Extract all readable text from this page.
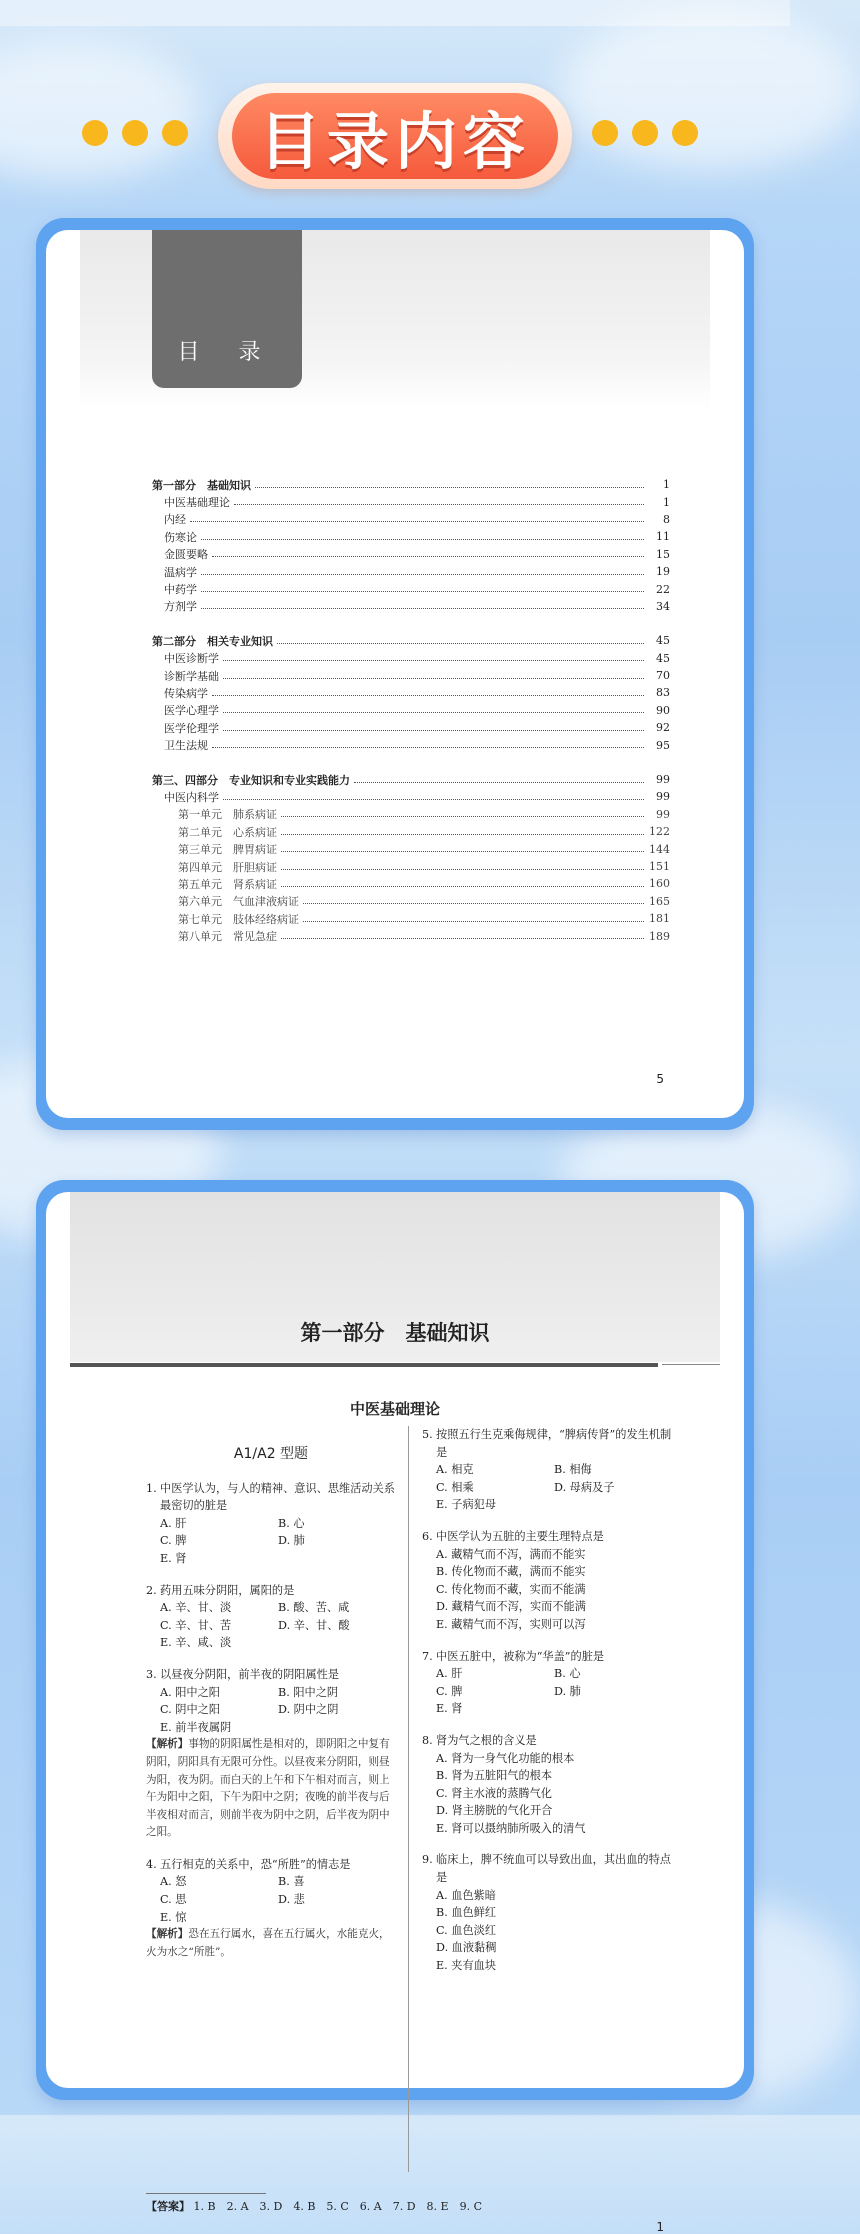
目录内容
目 录
第一部分　基础知识	1
中医基础理论	1
内经	8
伤寒论	11
金匮要略	15
温病学	19
中药学	22
方剂学	34
第二部分　相关专业知识	45
中医诊断学	45
诊断学基础	70
传染病学	83
医学心理学	90
医学伦理学	92
卫生法规	95
第三、四部分　专业知识和专业实践能力	99
中医内科学	99
第一单元　肺系病证	99
第二单元　心系病证	122
第三单元　脾胃病证	144
第四单元　肝胆病证	151
第五单元　肾系病证	160
第六单元　气血津液病证	165
第七单元　肢体经络病证	181
第八单元　常见急症	189
5
第一部分　基础知识
中医基础理论
A1/A2 型题
1. 中医学认为，与人的精神、意识、思维活动关系最密切的脏是
A. 肝	B. 心
C. 脾	D. 肺
E. 肾
2. 药用五味分阴阳，属阳的是
A. 辛、甘、淡	B. 酸、苦、咸
C. 辛、甘、苦	D. 辛、甘、酸
E. 辛、咸、淡
3. 以昼夜分阴阳，前半夜的阴阳属性是
A. 阳中之阳	B. 阳中之阴
C. 阴中之阳	D. 阴中之阴
E. 前半夜属阴
【解析】事物的阴阳属性是相对的，即阴阳之中复有阴阳，阴阳具有无限可分性。以昼夜来分阴阳，则昼为阳，夜为阴。而白天的上午和下午相对而言，则上午为阳中之阳，下午为阳中之阴；夜晚的前半夜与后半夜相对而言，则前半夜为阴中之阴，后半夜为阴中之阳。
4. 五行相克的关系中，恐“所胜”的情志是
A. 怒	B. 喜
C. 思	D. 悲
E. 惊
【解析】恐在五行属水，喜在五行属火，水能克火，火为水之“所胜”。
5. 按照五行生克乘侮规律，“脾病传肾”的发生机制是
A. 相克	B. 相侮
C. 相乘	D. 母病及子
E. 子病犯母
6. 中医学认为五脏的主要生理特点是
A. 藏精气而不泻，满而不能实
B. 传化物而不藏，满而不能实
C. 传化物而不藏，实而不能满
D. 藏精气而不泻，实而不能满
E. 藏精气而不泻，实则可以泻
7. 中医五脏中，被称为“华盖”的脏是
A. 肝	B. 心
C. 脾	D. 肺
E. 肾
8. 肾为气之根的含义是
A. 肾为一身气化功能的根本
B. 肾为五脏阳气的根本
C. 肾主水液的蒸腾气化
D. 肾主膀胱的气化开合
E. 肾可以摄纳肺所吸入的清气
9. 临床上，脾不统血可以导致出血，其出血的特点是
A. 血色紫暗
B. 血色鲜红
C. 血色淡红
D. 血液黏稠
E. 夹有血块
【答案】 1. B　2. A　3. D　4. B　5. C　6. A　7. D　8. E　9. C
1
